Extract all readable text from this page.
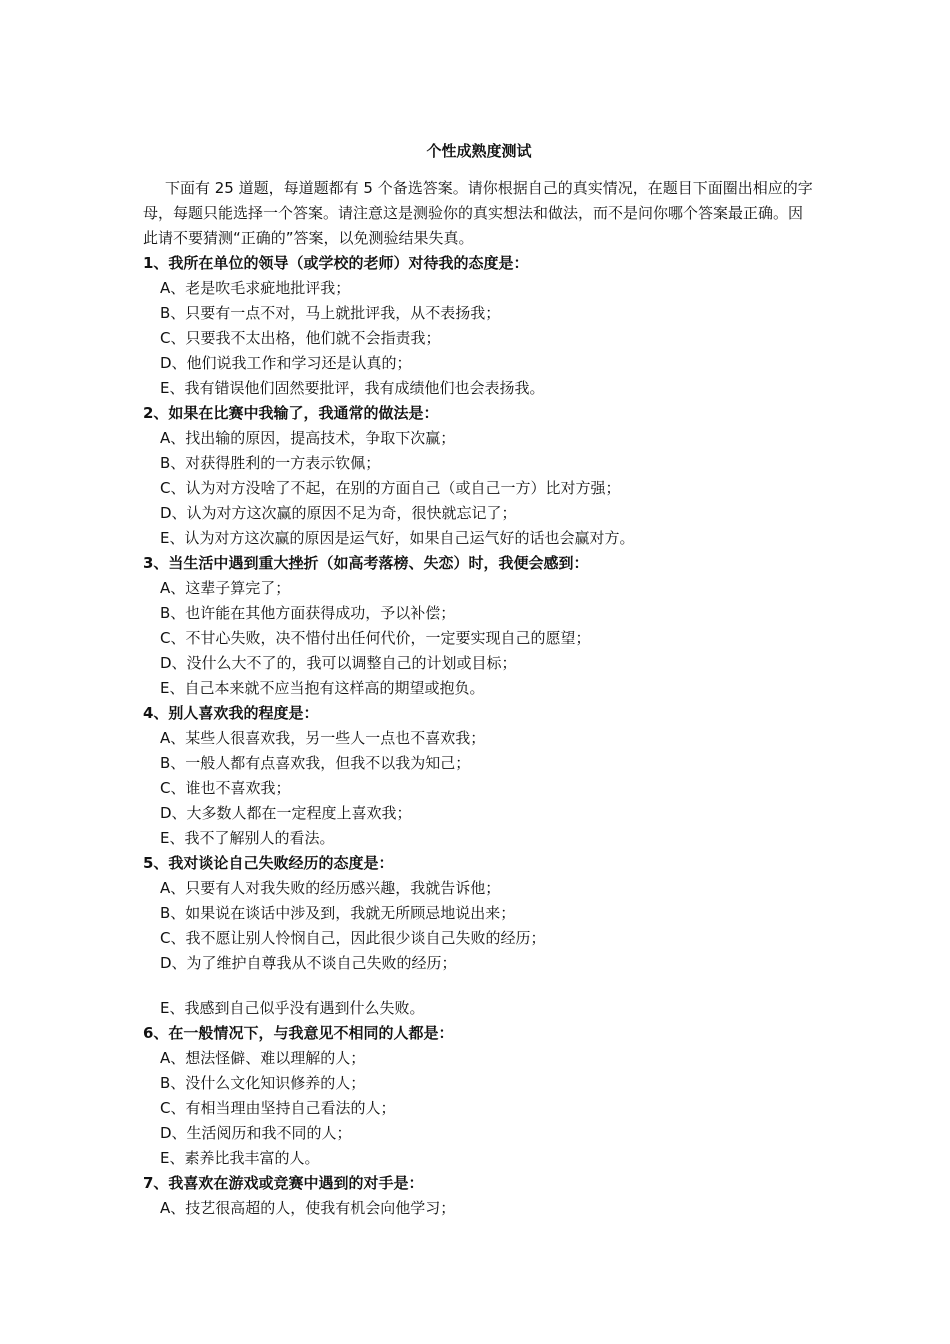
个性成熟度测试

下面有 25 道题，每道题都有 5 个备选答案。请你根据自己的真实情况，在题目下面圈出相应的字母，每题只能选择一个答案。请注意这是测验你的真实想法和做法，而不是问你哪个答案最正确。因此请不要猜测“正确的”答案，以免测验结果失真。

1、我所在单位的领导（或学校的老师）对待我的态度是：

A、老是吹毛求疵地批评我；

B、只要有一点不对，马上就批评我，从不表扬我；

C、只要我不太出格，他们就不会指责我；

D、他们说我工作和学习还是认真的；

E、我有错误他们固然要批评，我有成绩他们也会表扬我。

2、如果在比赛中我输了，我通常的做法是：

A、找出输的原因，提高技术，争取下次赢；

B、对获得胜利的一方表示钦佩；

C、认为对方没啥了不起，在别的方面自己（或自己一方）比对方强；

D、认为对方这次赢的原因不足为奇，很快就忘记了；

E、认为对方这次赢的原因是运气好，如果自己运气好的话也会赢对方。

3、当生活中遇到重大挫折（如高考落榜、失恋）时，我便会感到：

A、这辈子算完了；

B、也许能在其他方面获得成功，予以补偿；

C、不甘心失败，决不惜付出任何代价，一定要实现自己的愿望；

D、没什么大不了的，我可以调整自己的计划或目标；

E、自己本来就不应当抱有这样高的期望或抱负。

4、别人喜欢我的程度是：

A、某些人很喜欢我，另一些人一点也不喜欢我；

B、一般人都有点喜欢我，但我不以我为知己；

C、谁也不喜欢我；

D、大多数人都在一定程度上喜欢我；

E、我不了解别人的看法。

5、我对谈论自己失败经历的态度是：

A、只要有人对我失败的经历感兴趣，我就告诉他；

B、如果说在谈话中涉及到，我就无所顾忌地说出来；

C、我不愿让别人怜悯自己，因此很少谈自己失败的经历；

D、为了维护自尊我从不谈自己失败的经历；

E、我感到自己似乎没有遇到什么失败。

6、在一般情况下，与我意见不相同的人都是：

A、想法怪僻、难以理解的人；

B、没什么文化知识修养的人；

C、有相当理由坚持自己看法的人；

D、生活阅历和我不同的人；

E、素养比我丰富的人。

7、我喜欢在游戏或竞赛中遇到的对手是：

A、技艺很高超的人，使我有机会向他学习；
